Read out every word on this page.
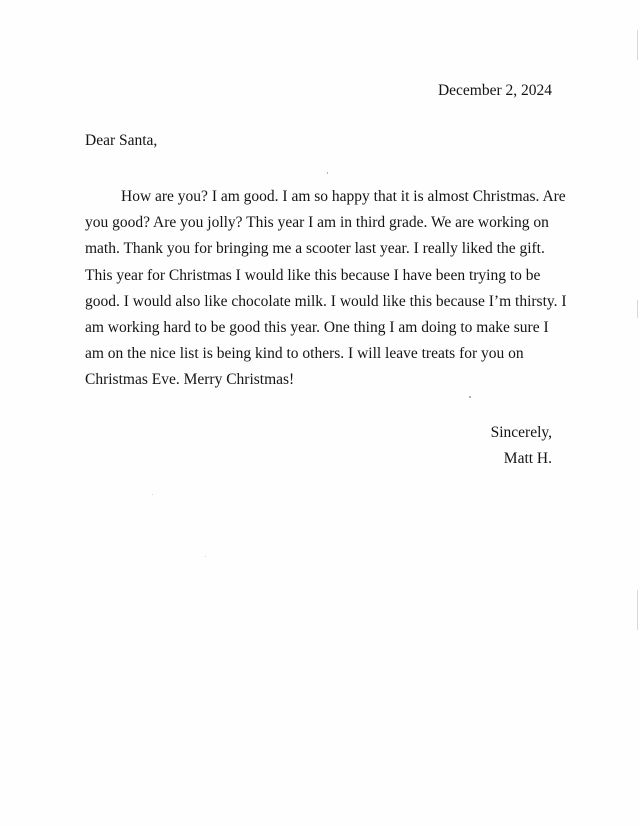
December 2, 2024
Dear Santa,
How are you? I am good. I am so happy that it is almost Christmas. Are
you good? Are you jolly? This year I am in third grade. We are working on
math. Thank you for bringing me a scooter last year. I really liked the gift.
This year for Christmas I would like this because I have been trying to be
good. I would also like chocolate milk. I would like this because I’m thirsty. I
am working hard to be good this year. One thing I am doing to make sure I
am on the nice list is being kind to others. I will leave treats for you on
Christmas Eve. Merry Christmas!
Sincerely,
Matt H.
